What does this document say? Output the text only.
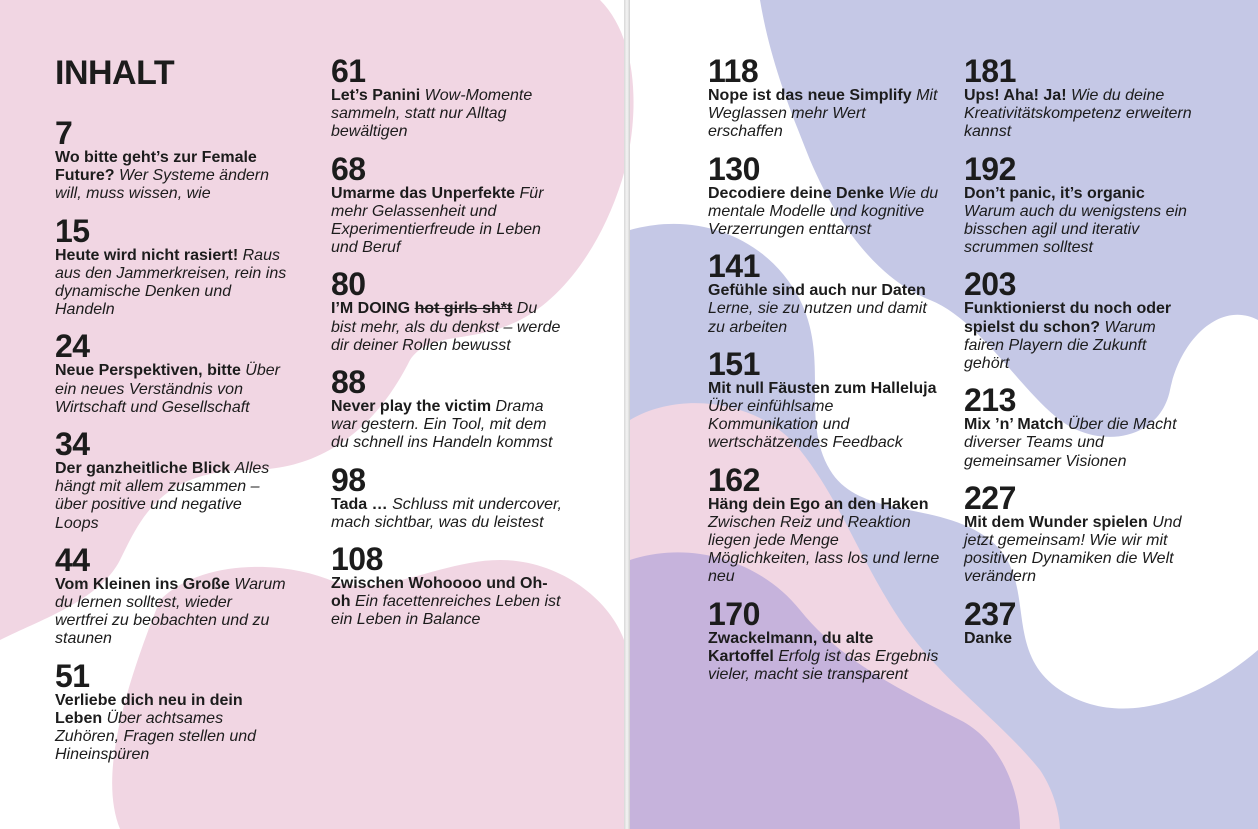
INHALT
7
Wo bitte geht’s zur Female Future? Wer Systeme ändern will, muss wissen, wie
15
Heute wird nicht rasiert! Raus aus den Jammerkreisen, rein ins dynamische Denken und Handeln
24
Neue Perspektiven, bitte Über ein neues Verständnis von Wirtschaft und Gesellschaft
34
Der ganzheitliche Blick Alles hängt mit allem zusammen – über positive und negative Loops
44
Vom Kleinen ins Große Warum du lernen solltest, wieder wertfrei zu beobachten und zu staunen
51
Verliebe dich neu in dein Leben Über achtsames Zuhören, Fragen stellen und Hineinspüren
61
Let’s Panini Wow-Momente sammeln, statt nur Alltag bewältigen
68
Umarme das Unperfekte Für mehr Gelassenheit und Experimentierfreude in Leben und Beruf
80
I’M DOING hot girls sh*t Du bist mehr, als du denkst – werde dir deiner Rollen bewusst
88
Never play the victim Drama war gestern. Ein Tool, mit dem du schnell ins Handeln kommst
98
Tada … Schluss mit undercover, mach sichtbar, was du leistest
108
Zwischen Wohoooo und Oh-oh Ein facettenreiches Leben ist ein Leben in Balance
118
Nope ist das neue Simplify Mit Weglassen mehr Wert erschaffen
130
Decodiere deine Denke Wie du mentale Modelle und kognitive Verzerrungen enttarnst
141
Gefühle sind auch nur Daten Lerne, sie zu nutzen und damit zu arbeiten
151
Mit null Fäusten zum Halleluja Über einfühlsame Kommunikation und wertschätzendes Feedback
162
Häng dein Ego an den Haken Zwischen Reiz und Reaktion liegen jede Menge Möglichkeiten, lass los und lerne neu
170
Zwackelmann, du alte Kartoffel Erfolg ist das Ergebnis vieler, macht sie transparent
181
Ups! Aha! Ja! Wie du deine Kreativitätskompetenz erweitern kannst
192
Don’t panic, it’s organic Warum auch du wenigstens ein bisschen agil und iterativ scrummen solltest
203
Funktionierst du noch oder spielst du schon? Warum fairen Playern die Zukunft gehört
213
Mix ’n’ Match Über die Macht diverser Teams und gemeinsamer Visionen
227
Mit dem Wunder spielen Und jetzt gemeinsam! Wie wir mit positiven Dynamiken die Welt verändern
237
Danke
